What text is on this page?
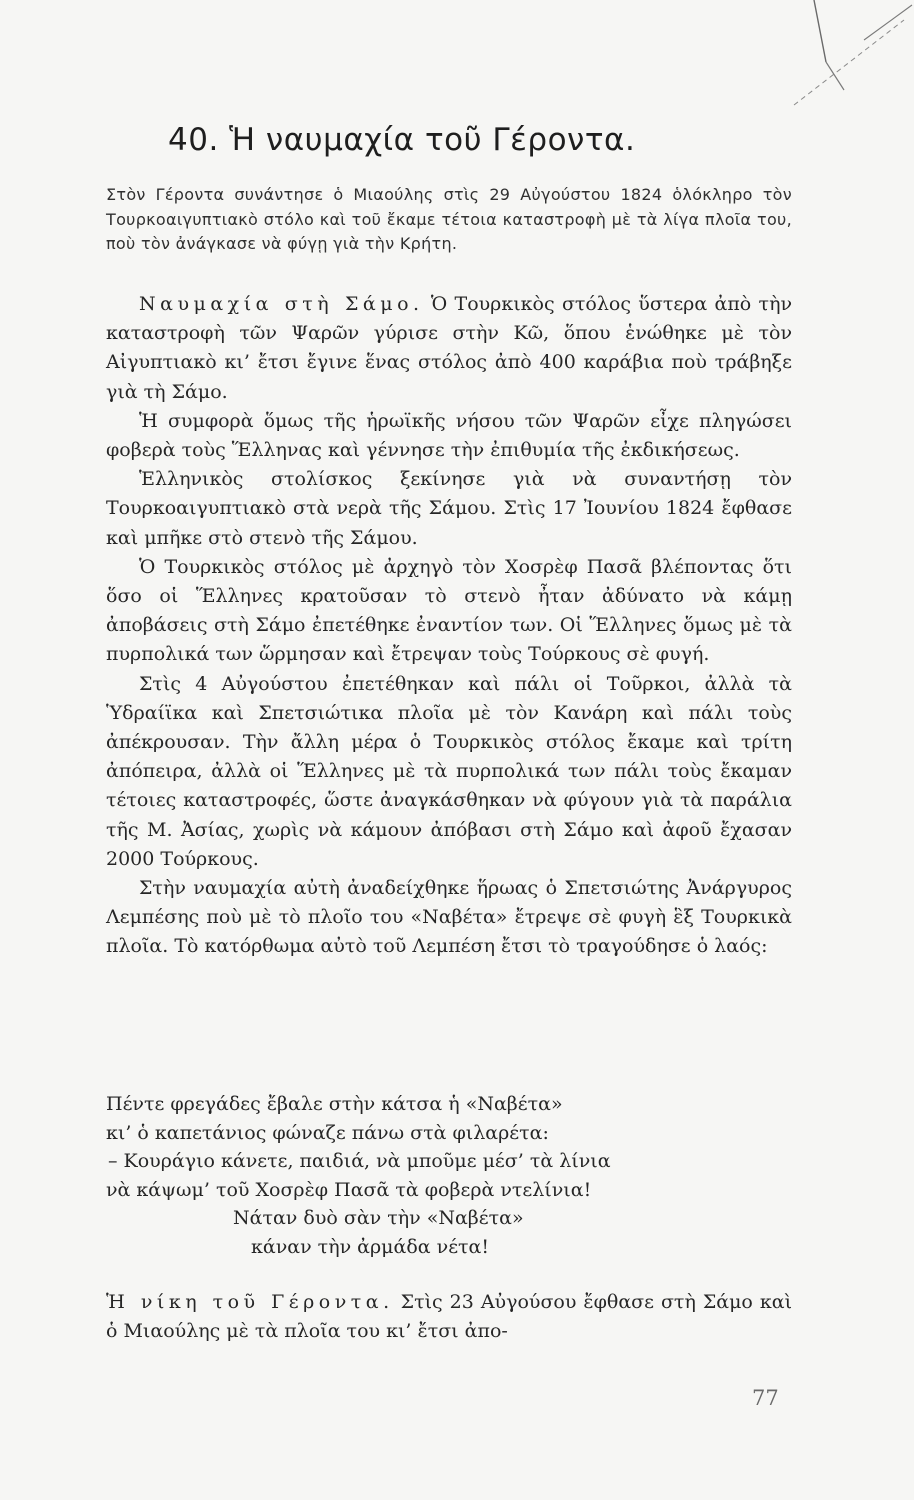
40. Ἡ ναυμαχία τοῦ Γέροντα.

Στὸν Γέροντα συνάντησε ὁ Μιαούλης στὶς 29 Αὐγούστου 1824 ὁλόκληρο τὸν Τουρκοαιγυπτιακὸ στόλο καὶ τοῦ ἔκαμε τέτοια καταστροφὴ μὲ τὰ λίγα πλοῖα του, ποὺ τὸν ἀνάγκασε νὰ φύγῃ γιὰ τὴν Κρήτη.

Ναυμαχία στὴ Σάμο. Ὁ Τουρκικὸς στόλος ὕστερα ἀπὸ τὴν καταστροφὴ τῶν Ψαρῶν γύρισε στὴν Κῶ, ὅπου ἑνώθηκε μὲ τὸν Αἰγυπτιακὸ κι’ ἔτσι ἔγινε ἕνας στόλος ἀπὸ 400 καράβια ποὺ τράβηξε γιὰ τὴ Σάμο.

Ἡ συμφορὰ ὅμως τῆς ἡρωϊκῆς νήσου τῶν Ψαρῶν εἶχε πληγώσει φοβερὰ τοὺς Ἕλληνας καὶ γέννησε τὴν ἐπιθυμία τῆς ἐκδικήσεως.

Ἑλληνικὸς στολίσκος ξεκίνησε γιὰ νὰ συναντήσῃ τὸν Τουρκοαιγυπτιακὸ στὰ νερὰ τῆς Σάμου. Στὶς 17 Ἰουνίου 1824 ἔφθασε καὶ μπῆκε στὸ στενὸ τῆς Σάμου.

Ὁ Τουρκικὸς στόλος μὲ ἀρχηγὸ τὸν Χοσρὲφ Πασᾶ βλέποντας ὅτι ὅσο οἱ Ἕλληνες κρατοῦσαν τὸ στενὸ ἦταν ἀδύνατο νὰ κάμῃ ἀποβάσεις στὴ Σάμο ἐπετέθηκε ἐναντίον των. Οἱ Ἕλληνες ὅμως μὲ τὰ πυρπολικά των ὥρμησαν καὶ ἔτρεψαν τοὺς Τούρκους σὲ φυγή.

Στὶς 4 Αὐγούστου ἐπετέθηκαν καὶ πάλι οἱ Τοῦρκοι, ἀλλὰ τὰ Ὑδραίϊκα καὶ Σπετσιώτικα πλοῖα μὲ τὸν Κανάρη καὶ πάλι τοὺς ἀπέκρουσαν. Τὴν ἄλλη μέρα ὁ Τουρκικὸς στόλος ἔκαμε καὶ τρίτη ἀπόπειρα, ἀλλὰ οἱ Ἕλληνες μὲ τὰ πυρπολικά των πάλι τοὺς ἔκαμαν τέτοιες καταστροφές, ὥστε ἀναγκάσθηκαν νὰ φύγουν γιὰ τὰ παράλια τῆς Μ. Ἀσίας, χωρὶς νὰ κάμουν ἀπόβασι στὴ Σάμο καὶ ἀφοῦ ἔχασαν 2000 Τούρκους.

Στὴν ναυμαχία αὐτὴ ἀναδείχθηκε ἥρωας ὁ Σπετσιώτης Ἀνάργυρος Λεμπέσης ποὺ μὲ τὸ πλοῖο του «Ναβέτα» ἔτρεψε σὲ φυγὴ ἓξ Τουρκικὰ πλοῖα. Τὸ κατόρθωμα αὐτὸ τοῦ Λεμπέση ἔτσι τὸ τραγούδησε ὁ λαός:

Πέντε φρεγάδες ἔβαλε στὴν κάτσα ἡ «Ναβέτα»
κι’ ὁ καπετάνιος φώναζε πάνω στὰ φιλαρέτα:
– Κουράγιο κάνετε, παιδιά, νὰ μποῦμε μέσ’ τὰ λίνια
νὰ κάψωμ’ τοῦ Χοσρὲφ Πασᾶ τὰ φοβερὰ ντελίνια!
Νάταν δυὸ σὰν τὴν «Ναβέτα»
κάναν τὴν ἀρμάδα νέτα!

Ἡ νίκη τοῦ Γέροντα. Στὶς 23 Αὐγούσου ἔφθασε στὴ Σάμο καὶ ὁ Μιαούλης μὲ τὰ πλοῖα του κι’ ἔτσι ἀπο-

77
